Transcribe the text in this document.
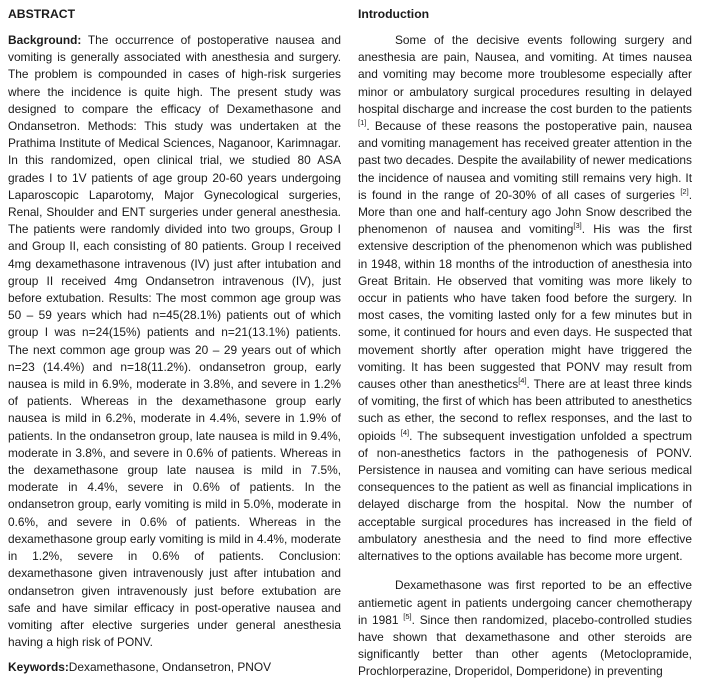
ABSTRACT

Background: The occurrence of postoperative nausea and vomiting is generally associated with anesthesia and surgery. The problem is compounded in cases of high-risk surgeries where the incidence is quite high. The present study was designed to compare the efficacy of Dexamethasone and Ondansetron. Methods: This study was undertaken at the Prathima Institute of Medical Sciences, Naganoor, Karimnagar. In this randomized, open clinical trial, we studied 80 ASA grades I to 1V patients of age group 20-60 years undergoing Laparoscopic Laparotomy, Major Gynecological surgeries, Renal, Shoulder and ENT surgeries under general anesthesia. The patients were randomly divided into two groups, Group I and Group II, each consisting of 80 patients. Group I received 4mg dexamethasone intravenous (IV) just after intubation and group II received 4mg Ondansetron intravenous (IV), just before extubation. Results: The most common age group was 50 – 59 years which had n=45(28.1%) patients out of which group I was n=24(15%) patients and n=21(13.1%) patients. The next common age group was 20 – 29 years out of which n=23 (14.4%) and n=18(11.2%). ondansetron group, early nausea is mild in 6.9%, moderate in 3.8%, and severe in 1.2% of patients. Whereas in the dexamethasone group early nausea is mild in 6.2%, moderate in 4.4%, severe in 1.9% of patients. In the ondansetron group, late nausea is mild in 9.4%, moderate in 3.8%, and severe in 0.6% of patients. Whereas in the dexamethasone group late nausea is mild in 7.5%, moderate in 4.4%, severe in 0.6% of patients. In the ondansetron group, early vomiting is mild in 5.0%, moderate in 0.6%, and severe in 0.6% of patients. Whereas in the dexamethasone group early vomiting is mild in 4.4%, moderate in 1.2%, severe in 0.6% of patients. Conclusion: dexamethasone given intravenously just after intubation and ondansetron given intravenously just before extubation are safe and have similar efficacy in post-operative nausea and vomiting after elective surgeries under general anesthesia having a high risk of PONV.

Keywords:Dexamethasone, Ondansetron, PNOV

Introduction

Some of the decisive events following surgery and anesthesia are pain, Nausea, and vomiting. At times nausea and vomiting may become more troublesome especially after minor or ambulatory surgical procedures resulting in delayed hospital discharge and increase the cost burden to the patients [1]. Because of these reasons the postoperative pain, nausea and vomiting management has received greater attention in the past two decades. Despite the availability of newer medications the incidence of nausea and vomiting still remains very high. It is found in the range of 20-30% of all cases of surgeries [2]. More than one and half-century ago John Snow described the phenomenon of nausea and vomiting[3]. His was the first extensive description of the phenomenon which was published in 1948, within 18 months of the introduction of anesthesia into Great Britain. He observed that vomiting was more likely to occur in patients who have taken food before the surgery. In most cases, the vomiting lasted only for a few minutes but in some, it continued for hours and even days. He suspected that movement shortly after operation might have triggered the vomiting. It has been suggested that PONV may result from causes other than anesthetics[4]. There are at least three kinds of vomiting, the first of which has been attributed to anesthetics such as ether, the second to reflex responses, and the last to opioids [4]. The subsequent investigation unfolded a spectrum of non-anesthetics factors in the pathogenesis of PONV. Persistence in nausea and vomiting can have serious medical consequences to the patient as well as financial implications in delayed discharge from the hospital. Now the number of acceptable surgical procedures has increased in the field of ambulatory anesthesia and the need to find more effective alternatives to the options available has become more urgent.

Dexamethasone was first reported to be an effective antiemetic agent in patients undergoing cancer chemotherapy in 1981 [5]. Since then randomized, placebo-controlled studies have shown that dexamethasone and other steroids are significantly better than other agents (Metoclopramide, Prochlorperazine, Droperidol, Domperidone) in preventing
